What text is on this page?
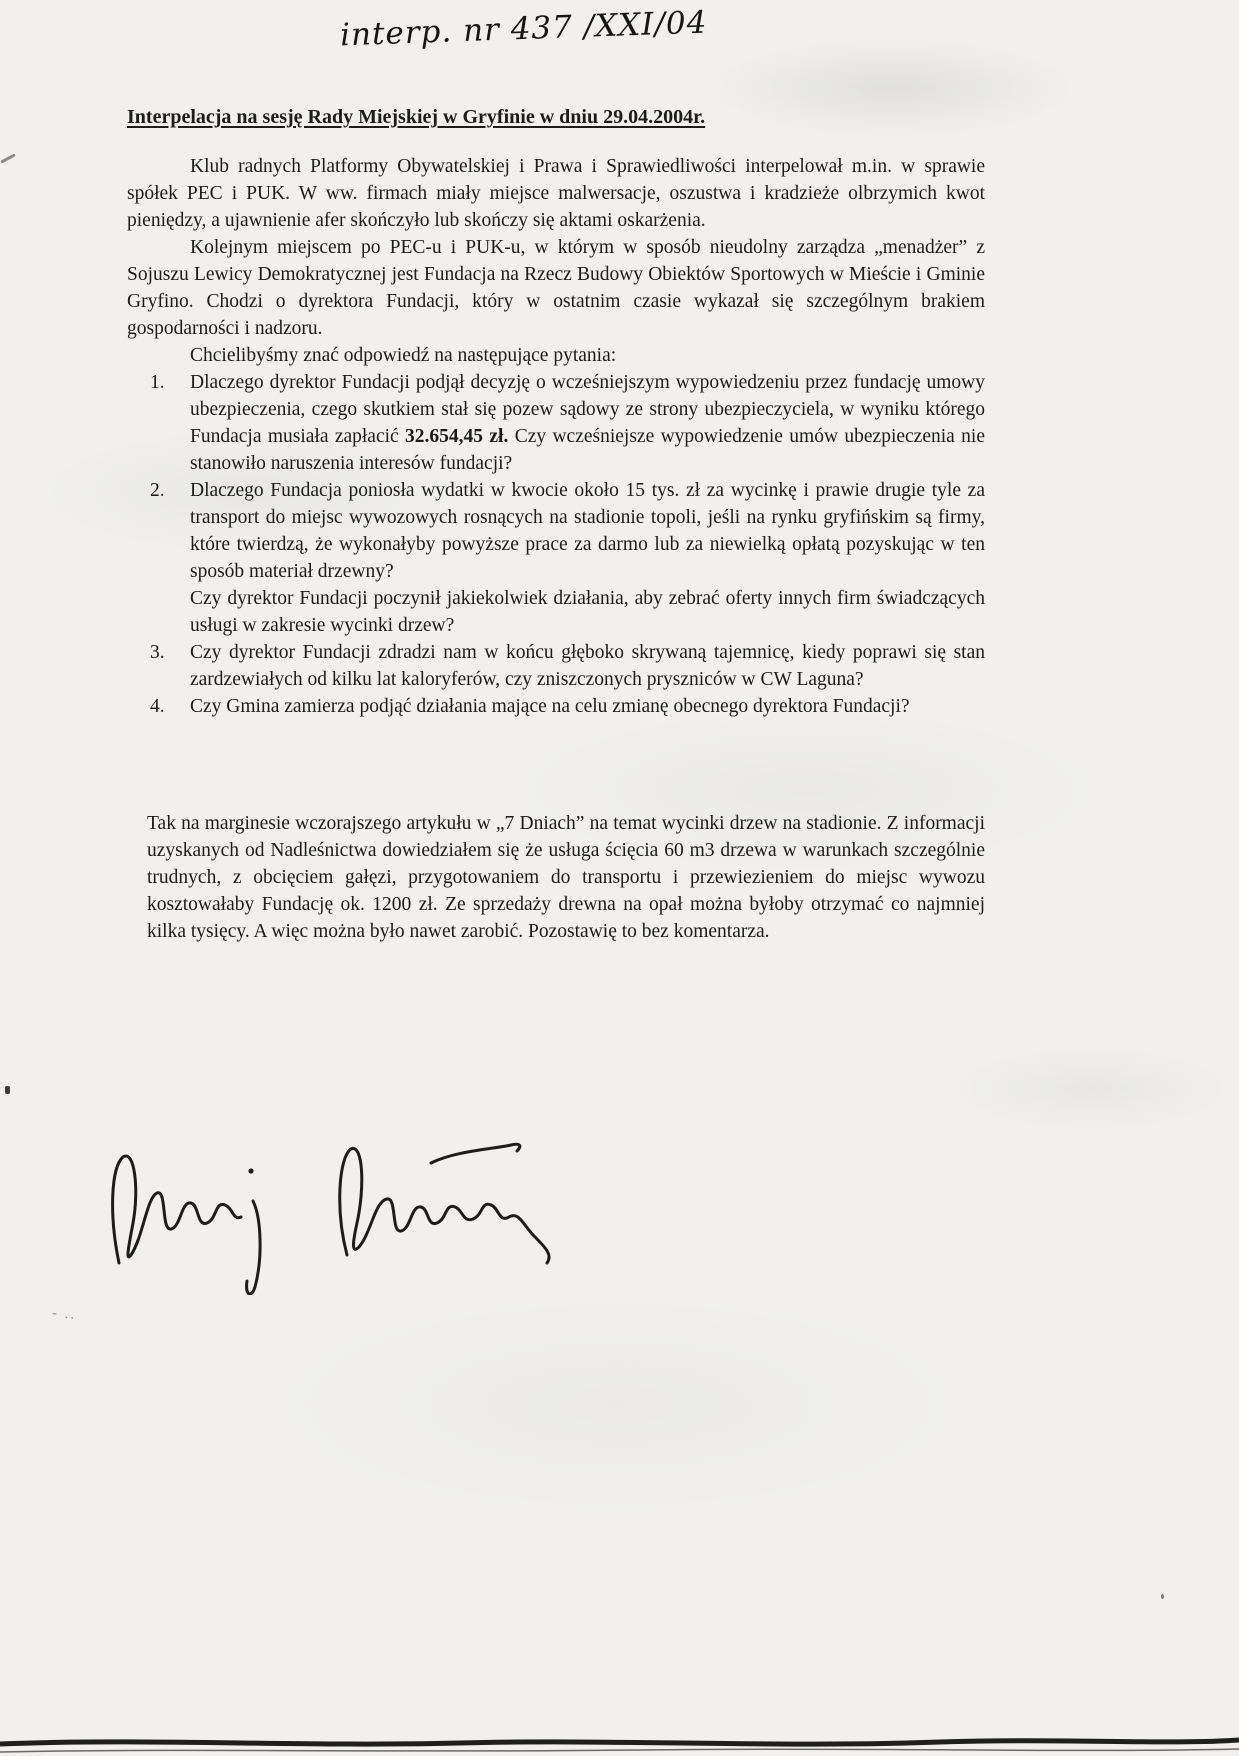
interp. nr 437 /XXI/04
Interpelacja na sesję Rady Miejskiej w Gryfinie w dniu 29.04.2004r.

Klub radnych Platformy Obywatelskiej i Prawa i Sprawiedliwości interpelował m.in. w sprawie spółek PEC i PUK. W ww. firmach miały miejsce malwersacje, oszustwa i kradzieże olbrzymich kwot pieniędzy, a ujawnienie afer skończyło lub skończy się aktami oskarżenia.

Kolejnym miejscem po PEC-u i PUK-u, w którym w sposób nieudolny zarządza „menadżer” z Sojuszu Lewicy Demokratycznej jest Fundacja na Rzecz Budowy Obiektów Sportowych w Mieście i Gminie Gryfino. Chodzi o dyrektora Fundacji, który w ostatnim czasie wykazał się szczególnym brakiem gospodarności i nadzoru.

Chcielibyśmy znać odpowiedź na następujące pytania:

1. Dlaczego dyrektor Fundacji podjął decyzję o wcześniejszym wypowiedzeniu przez fundację umowy ubezpieczenia, czego skutkiem stał się pozew sądowy ze strony ubezpieczyciela, w wyniku którego Fundacja musiała zapłacić 32.654,45 zł. Czy wcześniejsze wypowiedzenie umów ubezpieczenia nie stanowiło naruszenia interesów fundacji?
2. Dlaczego Fundacja poniosła wydatki w kwocie około 15 tys. zł za wycinkę i prawie drugie tyle za transport do miejsc wywozowych rosnących na stadionie topoli, jeśli na rynku gryfińskim są firmy, które twierdzą, że wykonałyby powyższe prace za darmo lub za niewielką opłatą pozyskując w ten sposób materiał drzewny?

Czy dyrektor Fundacji poczynił jakiekolwiek działania, aby zebrać oferty innych firm świadczących usługi w zakresie wycinki drzew?

3. Czy dyrektor Fundacji zdradzi nam w końcu głęboko skrywaną tajemnicę, kiedy poprawi się stan zardzewiałych od kilku lat kaloryferów, czy zniszczonych pryszniców w CW Laguna?
4. Czy Gmina zamierza podjąć działania mające na celu zmianę obecnego dyrektora Fundacji?

Tak na marginesie wczorajszego artykułu w „7 Dniach” na temat wycinki drzew na stadionie. Z informacji uzyskanych od Nadleśnictwa dowiedziałem się że usługa ścięcia 60 m3 drzewa w warunkach szczególnie trudnych, z obcięciem gałęzi, przygotowaniem do transportu i przewiezieniem do miejsc wywozu kosztowałaby Fundację ok. 1200 zł. Ze sprzedaży drewna na opał można byłoby otrzymać co najmniej kilka tysięcy. A więc można było nawet zarobić. Pozostawię to bez komentarza.

- ..
